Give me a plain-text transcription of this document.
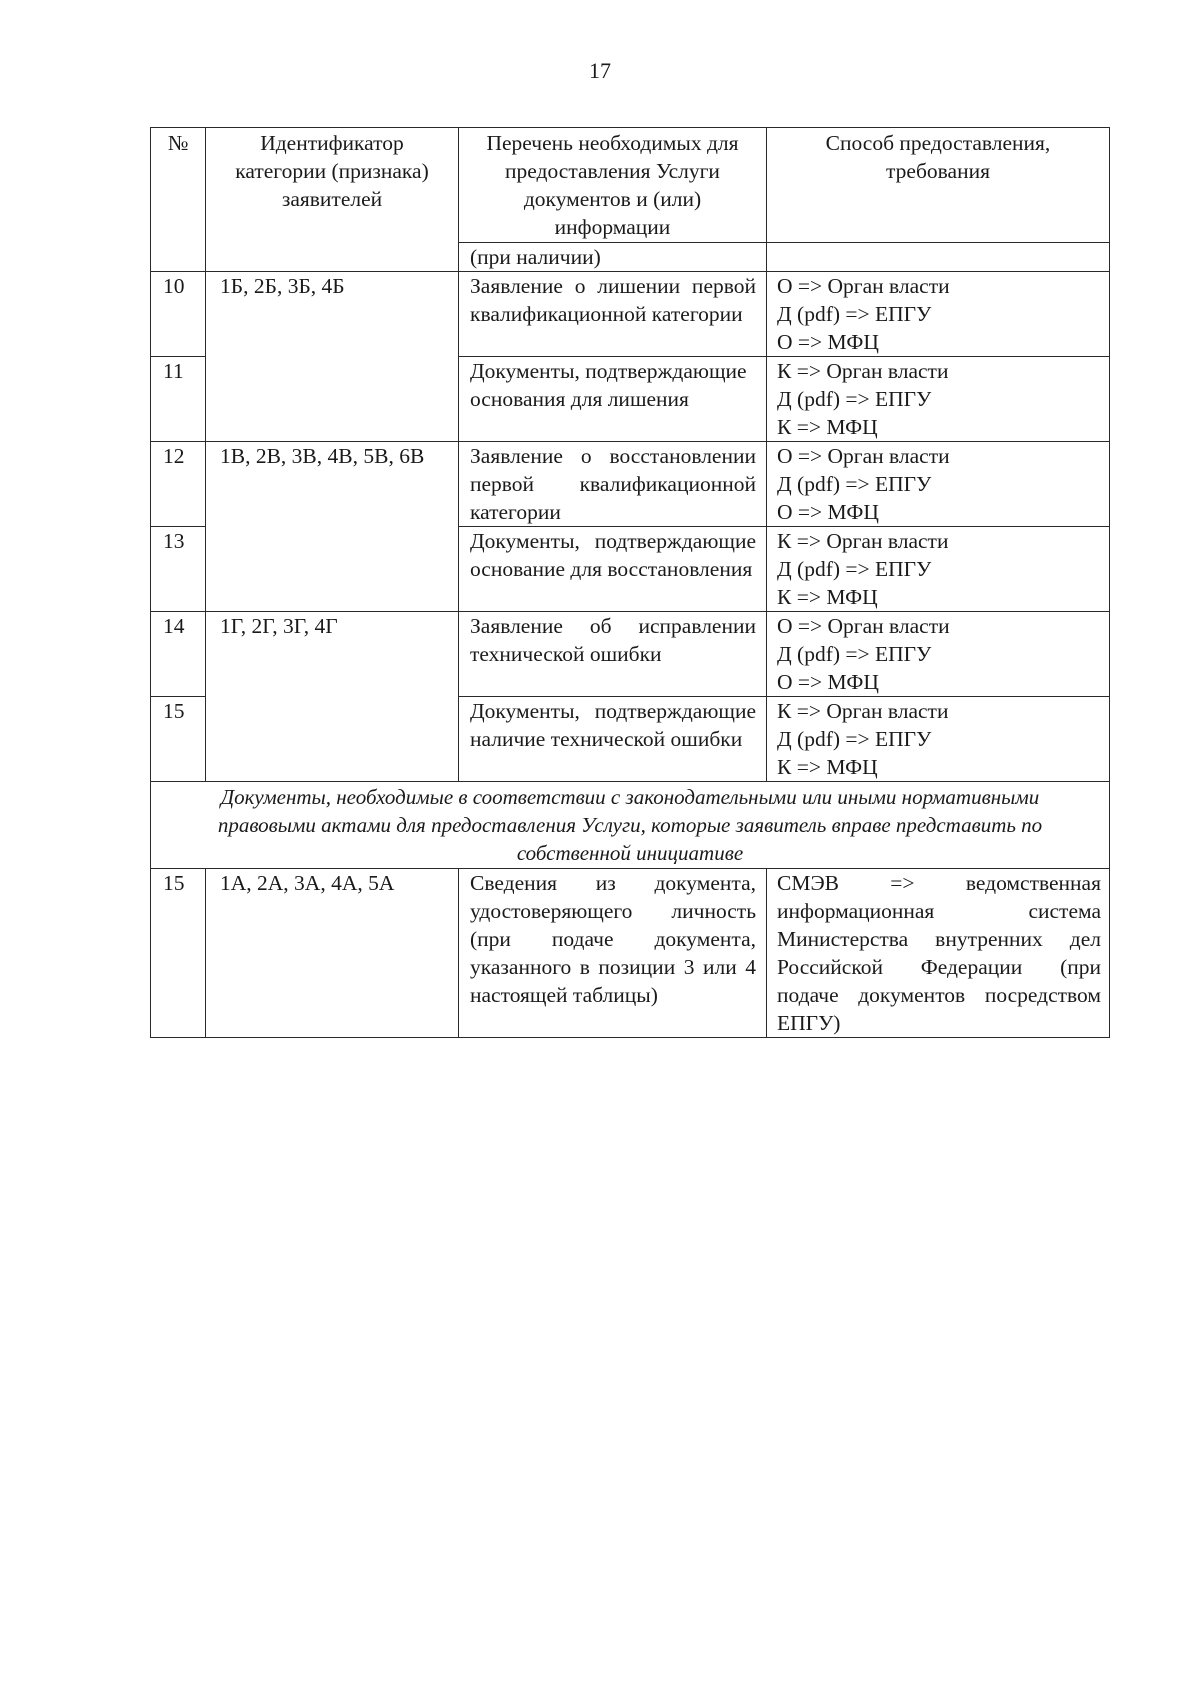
17
№	Идентификатор категории (признака) заявителей	Перечень необходимых для предоставления Услуги документов и (или) информации	Способ предоставления, требования
		(при наличии)	
10	1Б, 2Б, 3Б, 4Б	Заявление о лишении первой квалификационной категории	О => Орган власти
Д (pdf) => ЕПГУ
О => МФЦ

11		Документы, подтверждающие основания для лишения	К => Орган власти
Д (pdf) => ЕПГУ
К => МФЦ

12	1В, 2В, 3В, 4В, 5В, 6В	Заявление о восстановлении первой квалификационной категории	О => Орган власти
Д (pdf) => ЕПГУ
О => МФЦ

13		Документы, подтверждающие основание для восстановления	К => Орган власти
Д (pdf) => ЕПГУ
К => МФЦ

14	1Г, 2Г, 3Г, 4Г	Заявление об исправлении технической ошибки	О => Орган власти
Д (pdf) => ЕПГУ
О => МФЦ

15		Документы, подтверждающие наличие технической ошибки	К => Орган власти
Д (pdf) => ЕПГУ
К => МФЦ

Документы, необходимые в соответствии с законодательными или иными нормативными правовыми актами для предоставления Услуги, которые заявитель вправе представить по собственной инициативе			
15	1А, 2А, 3А, 4А, 5А	Сведения из документа, удостоверяющего личность (при подаче документа, указанного в позиции 3 или 4 настоящей таблицы)	СМЭВ => ведомственная информационная система Министерства внутренних дел Российской Федерации (при подаче документов посредством ЕПГУ)
